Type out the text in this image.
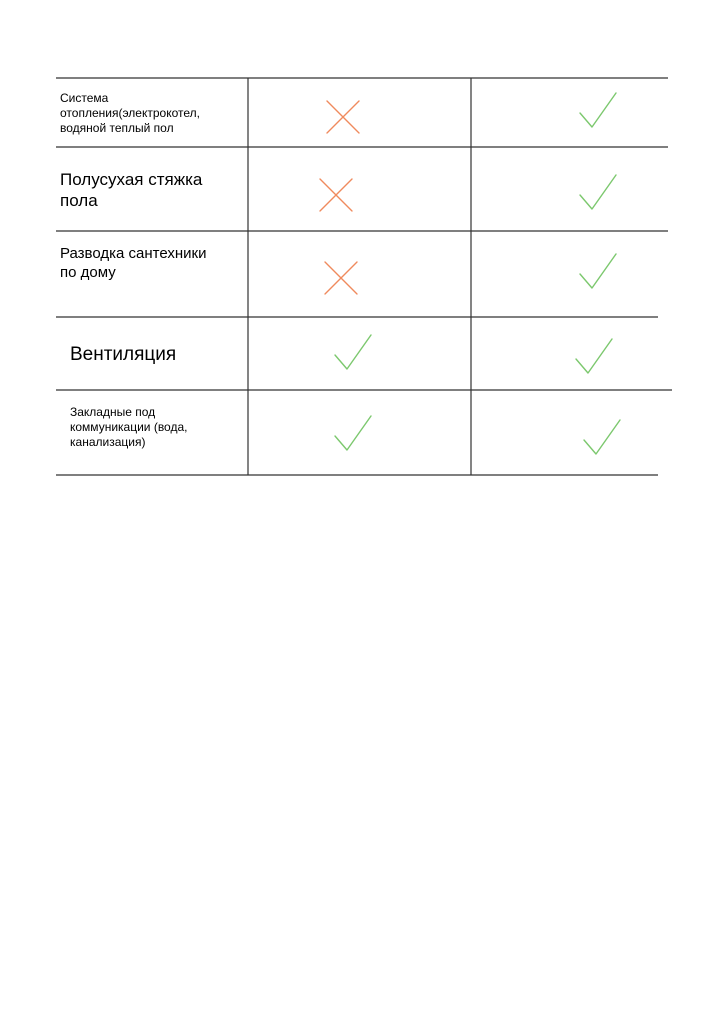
Система отопления(электрокотел, водяной теплый пол
Полусухая стяжка пола
Разводка сантехники по дому
Вентиляция
Закладные под коммуникации (вода, канализация)
